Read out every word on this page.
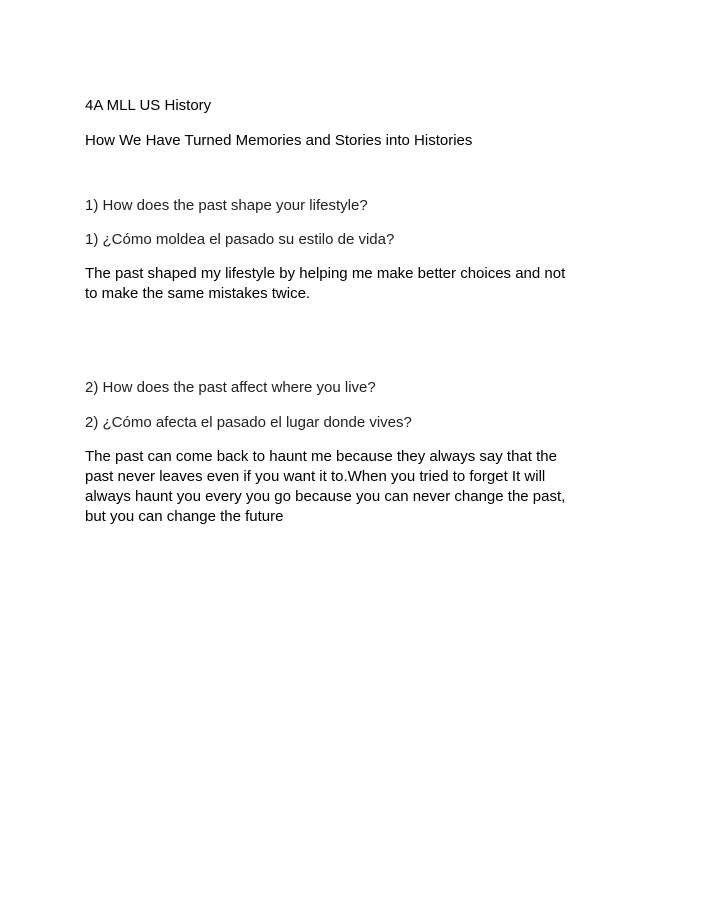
4A MLL US History

How We Have Turned Memories and Stories into Histories

1) How does the past shape your lifestyle?

1) ¿Cómo moldea el pasado su estilo de vida?

The past shaped my lifestyle by helping me make better choices and not
to make the same mistakes twice.

2) How does the past affect where you live?

2) ¿Cómo afecta el pasado el lugar donde vives?

The past can come back to haunt me because they always say that the
past never leaves even if you want it to.When you tried to forget It will
always haunt you every you go because you can never change the past,
but you can change the future
